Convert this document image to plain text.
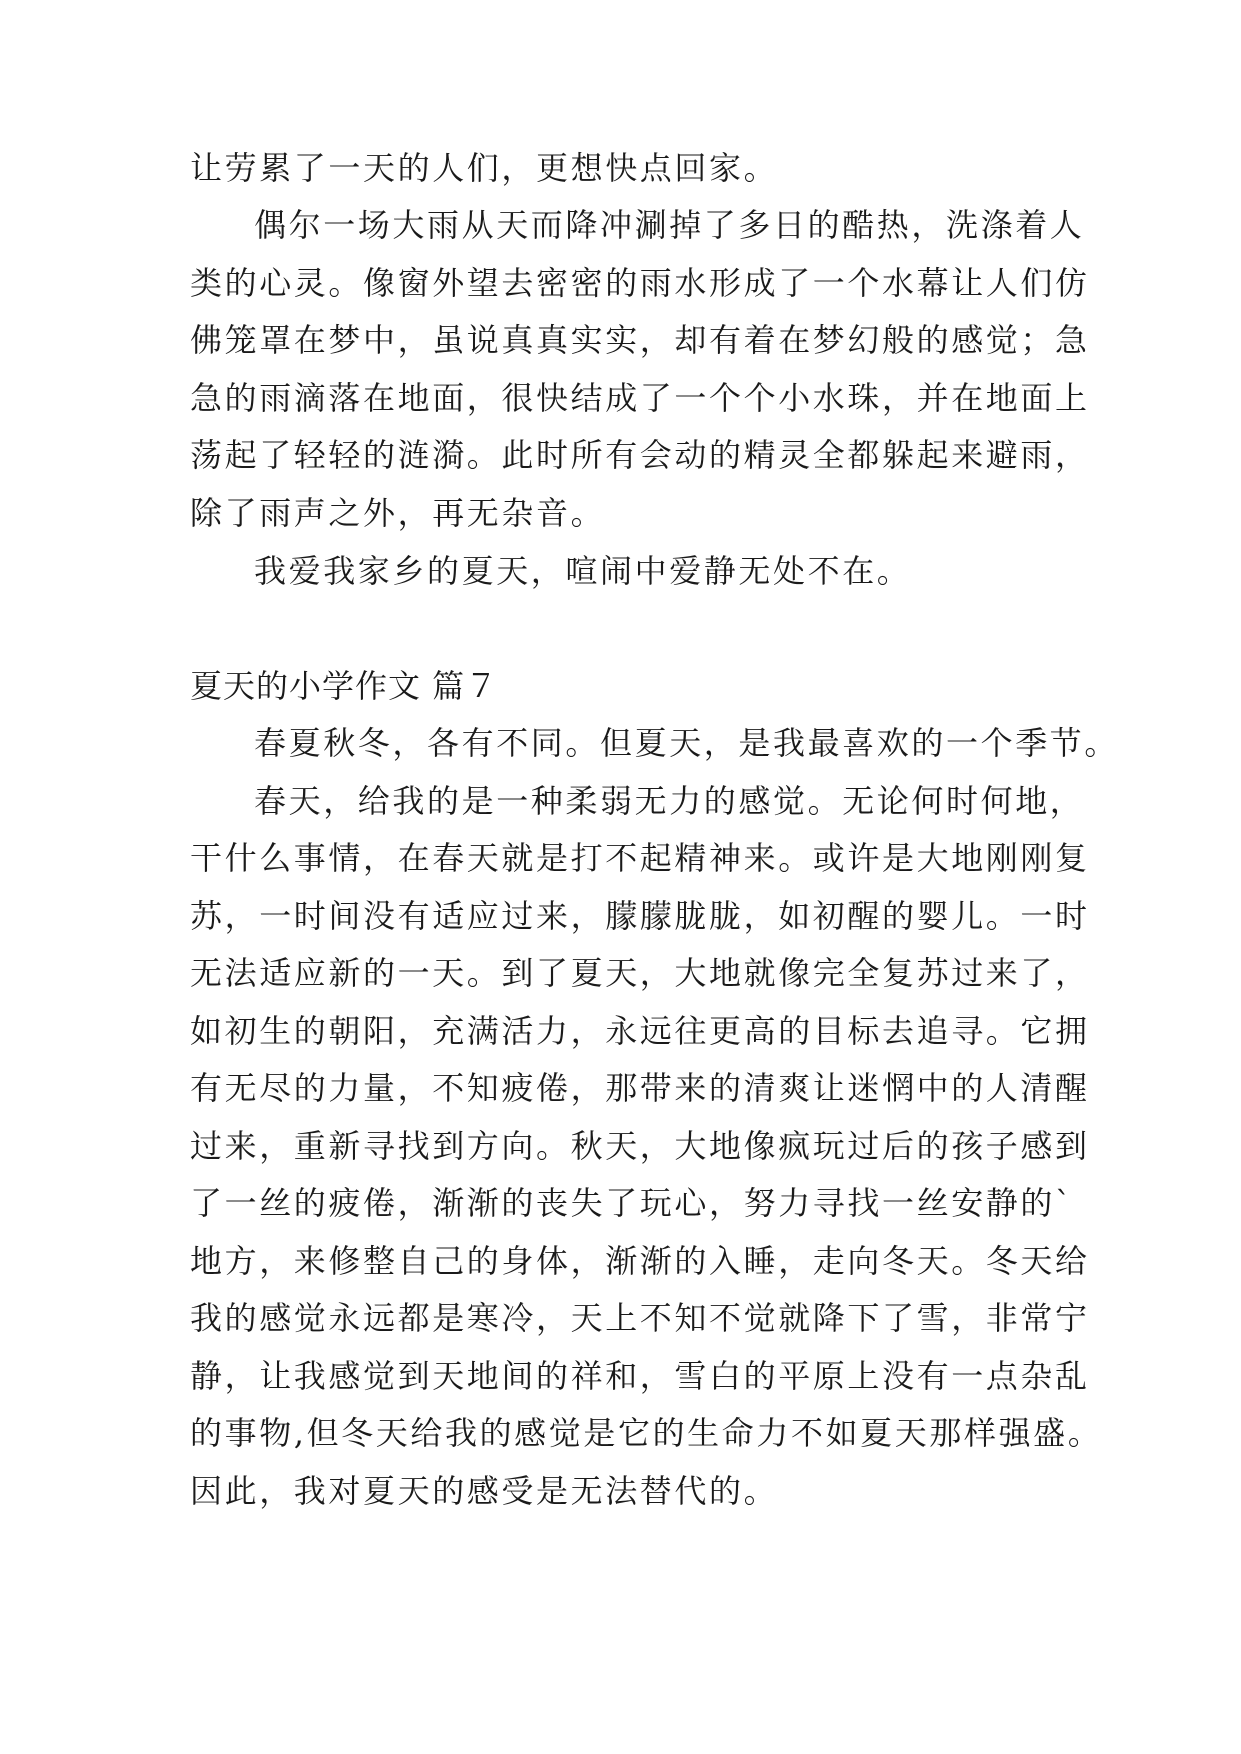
让劳累了一天的人们，更想快点回家。
偶尔一场大雨从天而降冲涮掉了多日的酷热，洗涤着人
类的心灵。像窗外望去密密的雨水形成了一个水幕让人们仿
佛笼罩在梦中，虽说真真实实，却有着在梦幻般的感觉；急
急的雨滴落在地面，很快结成了一个个小水珠，并在地面上
荡起了轻轻的涟漪。此时所有会动的精灵全都躲起来避雨，
除了雨声之外，再无杂音。
我爱我家乡的夏天，喧闹中爱静无处不在。
夏天的小学作文 篇７
春夏秋冬，各有不同。但夏天，是我最喜欢的一个季节。
春天，给我的是一种柔弱无力的感觉。无论何时何地，
干什么事情，在春天就是打不起精神来。或许是大地刚刚复
苏，一时间没有适应过来，朦朦胧胧，如初醒的婴儿。一时
无法适应新的一天。到了夏天，大地就像完全复苏过来了，
如初生的朝阳，充满活力，永远往更高的目标去追寻。它拥
有无尽的力量，不知疲倦，那带来的清爽让迷惘中的人清醒
过来，重新寻找到方向。秋天，大地像疯玩过后的孩子感到
了一丝的疲倦，渐渐的丧失了玩心，努力寻找一丝安静的`
地方，来修整自己的身体，渐渐的入睡，走向冬天。冬天给
我的感觉永远都是寒冷，天上不知不觉就降下了雪，非常宁
静，让我感觉到天地间的祥和，雪白的平原上没有一点杂乱
的事物,但冬天给我的感觉是它的生命力不如夏天那样强盛。
因此，我对夏天的感受是无法替代的。
